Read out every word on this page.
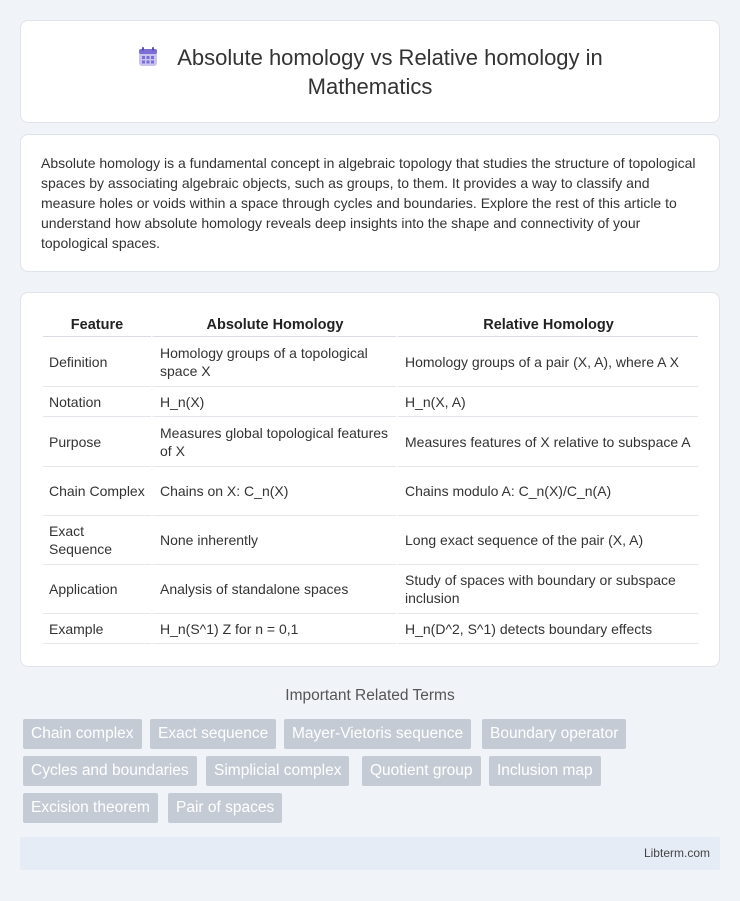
Absolute homology vs Relative homology in Mathematics

Absolute homology is a fundamental concept in algebraic topology that studies the structure of topological spaces by associating algebraic objects, such as groups, to them. It provides a way to classify and measure holes or voids within a space through cycles and boundaries. Explore the rest of this article to understand how absolute homology reveals deep insights into the shape and connectivity of your topological spaces.

Feature	Absolute Homology	Relative Homology
Definition	Homology groups of a topological space X	Homology groups of a pair (X, A), where A X
Notation	H_n(X)	H_n(X, A)
Purpose	Measures global topological features of X	Measures features of X relative to subspace A
Chain Complex	Chains on X: C_n(X)	Chains modulo A: C_n(X)/C_n(A)
Exact Sequence	None inherently	Long exact sequence of the pair (X, A)
Application	Analysis of standalone spaces	Study of spaces with boundary or subspace inclusion
Example	H_n(S^1) Z for n = 0,1	H_n(D^2, S^1) detects boundary effects
Important Related Terms
Chain complex	Exact sequence	Mayer-Vietoris sequence	Boundary operator
Cycles and boundaries	Simplicial complex	Quotient group	Inclusion map
Excision theorem	Pair of spaces
Libterm.com
